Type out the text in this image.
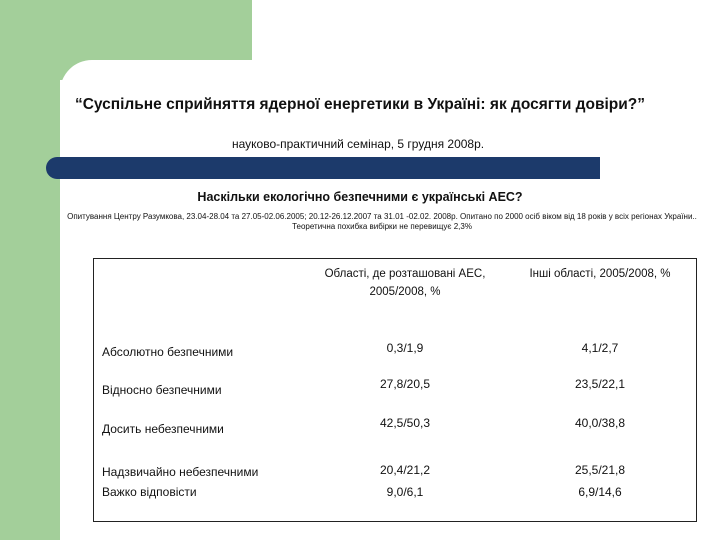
“Суспільне сприйняття ядерної енергетики в Україні: як досягти довіри?”
науково-практичний семінар, 5 грудня 2008р.
Наскільки екологічно безпечними є українські АЕС?
Опитування Центру Разумкова, 23.04-28.04 та 27.05-02.06.2005; 20.12-26.12.2007 та 31.01 -02.02. 2008р. Опитано по 2000 осіб віком від 18 років у всіх регіонах України.. Теоретична похибка вибірки не перевищує 2,3%
	Області, де розташовані АЕС, 2005/2008, %	Інші області, 2005/2008, %
Абсолютно безпечними	0,3/1,9	4,1/2,7
Відносно безпечними	27,8/20,5	23,5/22,1
Досить небезпечними	42,5/50,3	40,0/38,8
Надзвичайно небезпечними	20,4/21,2	25,5/21,8
Важко відповісти	9,0/6,1	6,9/14,6
